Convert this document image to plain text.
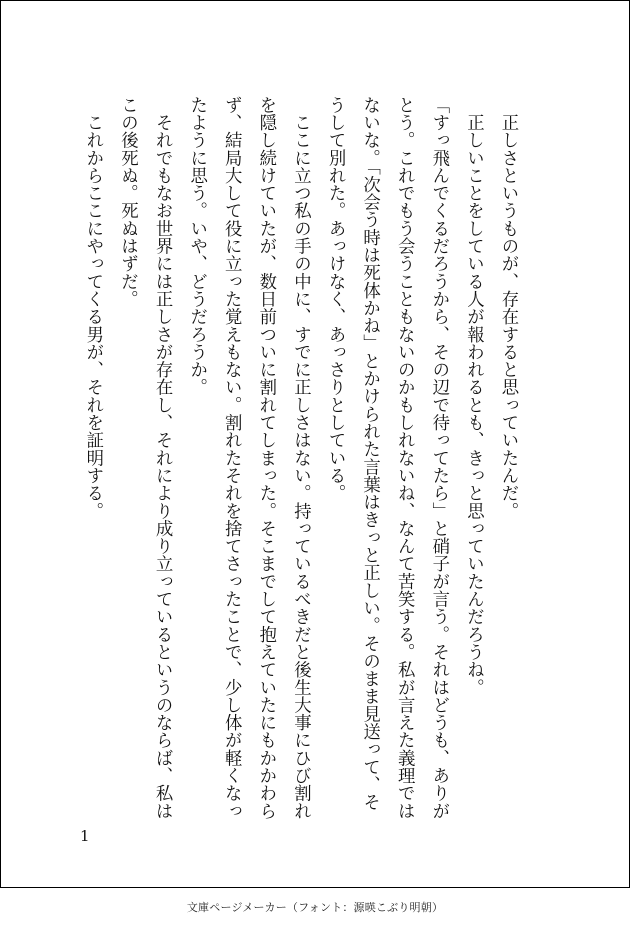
　正しさというものが、存在すると思っていたんだ。

　正しいことをしている人が報われるとも、きっと思っていたんだろうね。

「すっ飛んでくるだろうから、その辺で待ってたら」と硝子が言う。それはどうも、ありがとう。これでもう会うこともないのかもしれないね、なんて苦笑する。私が言えた義理ではないな。「次会う時は死体かね」とかけられた言葉はきっと正しい。そのまま見送って、そうして別れた。あっけなく、あっさりとしている。

　ここに立つ私の手の中に、すでに正しさはない。持っているべきだと後生大事にひび割れを隠し続けていたが、数日前ついに割れてしまった。そこまでして抱えていたにもかかわらず、結局大して役に立った覚えもない。割れたそれを捨てさったことで、少し体が軽くなったように思う。いや、どうだろうか。

　それでもなお世界には正しさが存在し、それにより成り立っているというのならば、私はこの後死ぬ。死ぬはずだ。

　これからここにやってくる男が、それを証明する。

1
文庫ページメーカー（フォント：源暎こぶり明朝）
